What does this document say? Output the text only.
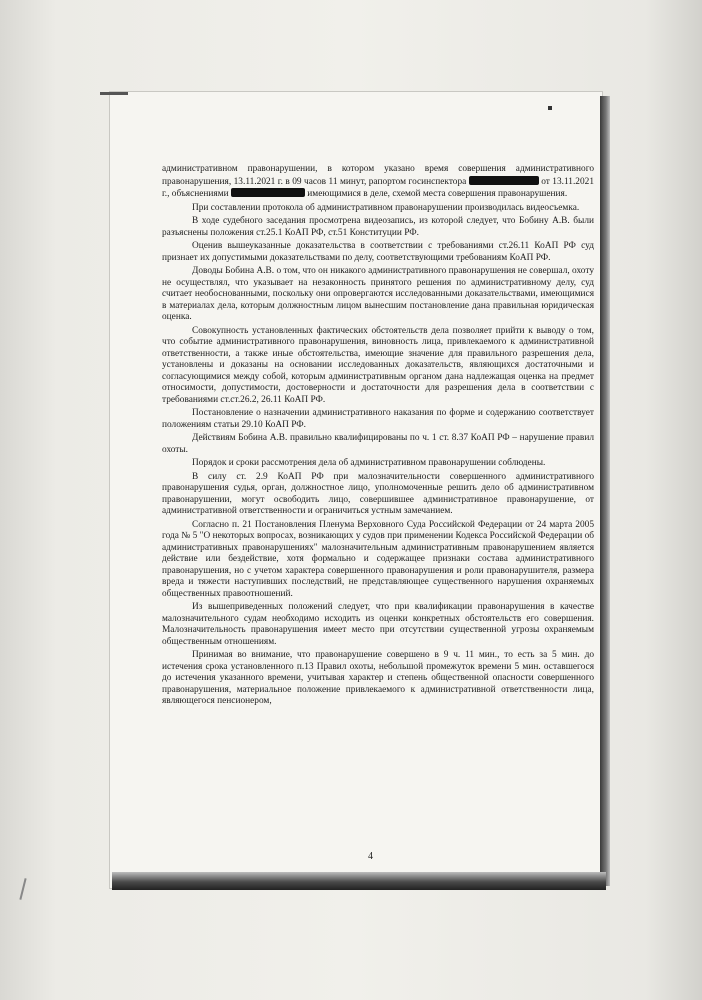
административном правонарушении, в котором указано время совершения административного правонарушения, 13.11.2021 г. в 09 часов 11 минут, рапортом госинспектора	от 13.11.2021 г., объяснениями	имеющимися в деле, схемой места совершения правонарушения.

При составлении протокола об административном правонарушении производилась видеосъемка.

В ходе судебного заседания просмотрена видеозапись, из которой следует, что Бобину А.В. были разъяснены положения ст.25.1 КоАП РФ, ст.51 Конституции РФ.

Оценив вышеуказанные доказательства в соответствии с требованиями ст.26.11 КоАП РФ суд признает их допустимыми доказательствами по делу, соответствующими требованиям КоАП РФ.

Доводы Бобина А.В. о том, что он никакого административного правонарушения не совершал, охоту не осуществлял, что указывает на незаконность принятого решения по административному делу, суд считает необоснованными, поскольку они опровергаются исследованными доказательствами, имеющимися в материалах дела, которым должностным лицом вынесшим постановление дана правильная юридическая оценка.

Совокупность установленных фактических обстоятельств дела позволяет прийти к выводу о том, что событие административного правонарушения, виновность лица, привлекаемого к административной ответственности, а также иные обстоятельства, имеющие значение для правильного разрешения дела, установлены и доказаны на основании исследованных доказательств, являющихся достаточными и согласующимися между собой, которым административным органом дана надлежащая оценка на предмет относимости, допустимости, достоверности и достаточности для разрешения дела в соответствии с требованиями ст.ст.26.2, 26.11 КоАП РФ.

Постановление о назначении административного наказания по форме и содержанию соответствует положениям статьи 29.10 КоАП РФ.

Действиям Бобина А.В. правильно квалифицированы по ч. 1 ст. 8.37 КоАП РФ – нарушение правил охоты.

Порядок и сроки рассмотрения дела об административном правонарушении соблюдены.

В силу ст. 2.9 КоАП РФ при малозначительности совершенного административного правонарушения судья, орган, должностное лицо, уполномоченные решить дело об административном правонарушении, могут освободить лицо, совершившее административное правонарушение, от административной ответственности и ограничиться устным замечанием.

Согласно п. 21 Постановления Пленума Верховного Суда Российской Федерации от 24 марта 2005 года № 5 "О некоторых вопросах, возникающих у судов при применении Кодекса Российской Федерации об административных правонарушениях" малозначительным административным правонарушением является действие или бездействие, хотя формально и содержащее признаки состава административного правонарушения, но с учетом характера совершенного правонарушения и роли правонарушителя, размера вреда и тяжести наступивших последствий, не представляющее существенного нарушения охраняемых общественных правоотношений.

Из вышеприведенных положений следует, что при квалификации правонарушения в качестве малозначительного судам необходимо исходить из оценки конкретных обстоятельств его совершения. Малозначительность правонарушения имеет место при отсутствии существенной угрозы охраняемым общественным отношениям.

Принимая во внимание, что правонарушение совершено в 9 ч. 11 мин., то есть за 5 мин. до истечения срока установленного п.13 Правил охоты, небольшой промежуток времени 5 мин. оставшегося до истечения указанного времени, учитывая характер и степень общественной опасности совершенного правонарушения, материальное положение привлекаемого к административной ответственности лица, являющегося пенсионером,

4
